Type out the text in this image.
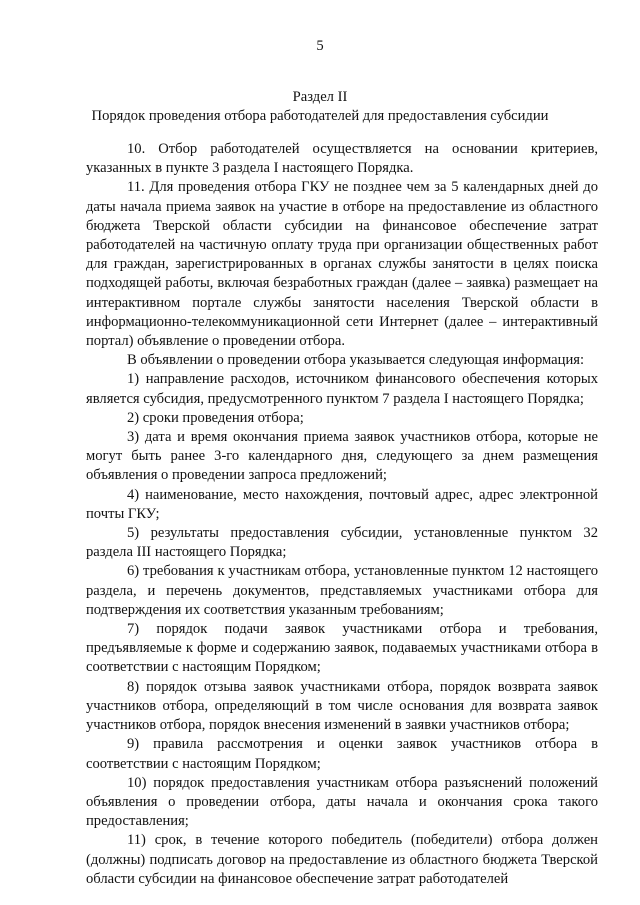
5
Раздел II
Порядок проведения отбора работодателей для предоставления субсидии

10. Отбор работодателей осуществляется на основании критериев, указанных в пункте 3 раздела I настоящего Порядка.

11. Для проведения отбора ГКУ не позднее чем за 5 календарных дней до даты начала приема заявок на участие в отборе на предоставление из областного бюджета Тверской области субсидии на финансовое обеспечение затрат работодателей на частичную оплату труда при организации общественных работ для граждан, зарегистрированных в органах службы занятости в целях поиска подходящей работы, включая безработных граждан (далее – заявка) размещает на интерактивном портале службы занятости населения Тверской области в информационно-телекоммуникационной сети Интернет (далее – интерактивный портал) объявление о проведении отбора.

В объявлении о проведении отбора указывается следующая информация:

1) направление расходов, источником финансового обеспечения которых является субсидия, предусмотренного пунктом 7 раздела I настоящего Порядка;

2) сроки проведения отбора;

3) дата и время окончания приема заявок участников отбора, которые не могут быть ранее 3-го календарного дня, следующего за днем размещения объявления о проведении запроса предложений;

4) наименование, место нахождения, почтовый адрес, адрес электронной почты ГКУ;

5) результаты предоставления субсидии, установленные пунктом 32 раздела III настоящего Порядка;

6) требования к участникам отбора, установленные пунктом 12 настоящего раздела, и перечень документов, представляемых участниками отбора для подтверждения их соответствия указанным требованиям;

7) порядок подачи заявок участниками отбора и требования, предъявляемые к форме и содержанию заявок, подаваемых участниками отбора в соответствии с настоящим Порядком;

8) порядок отзыва заявок участниками отбора, порядок возврата заявок участников отбора, определяющий в том числе основания для возврата заявок участников отбора, порядок внесения изменений в заявки участников отбора;

9) правила рассмотрения и оценки заявок участников отбора в соответствии с настоящим Порядком;

10) порядок предоставления участникам отбора разъяснений положений объявления о проведении отбора, даты начала и окончания срока такого предоставления;

11) срок, в течение которого победитель (победители) отбора должен (должны) подписать договор на предоставление из областного бюджета Тверской области субсидии на финансовое обеспечение затрат работодателей
